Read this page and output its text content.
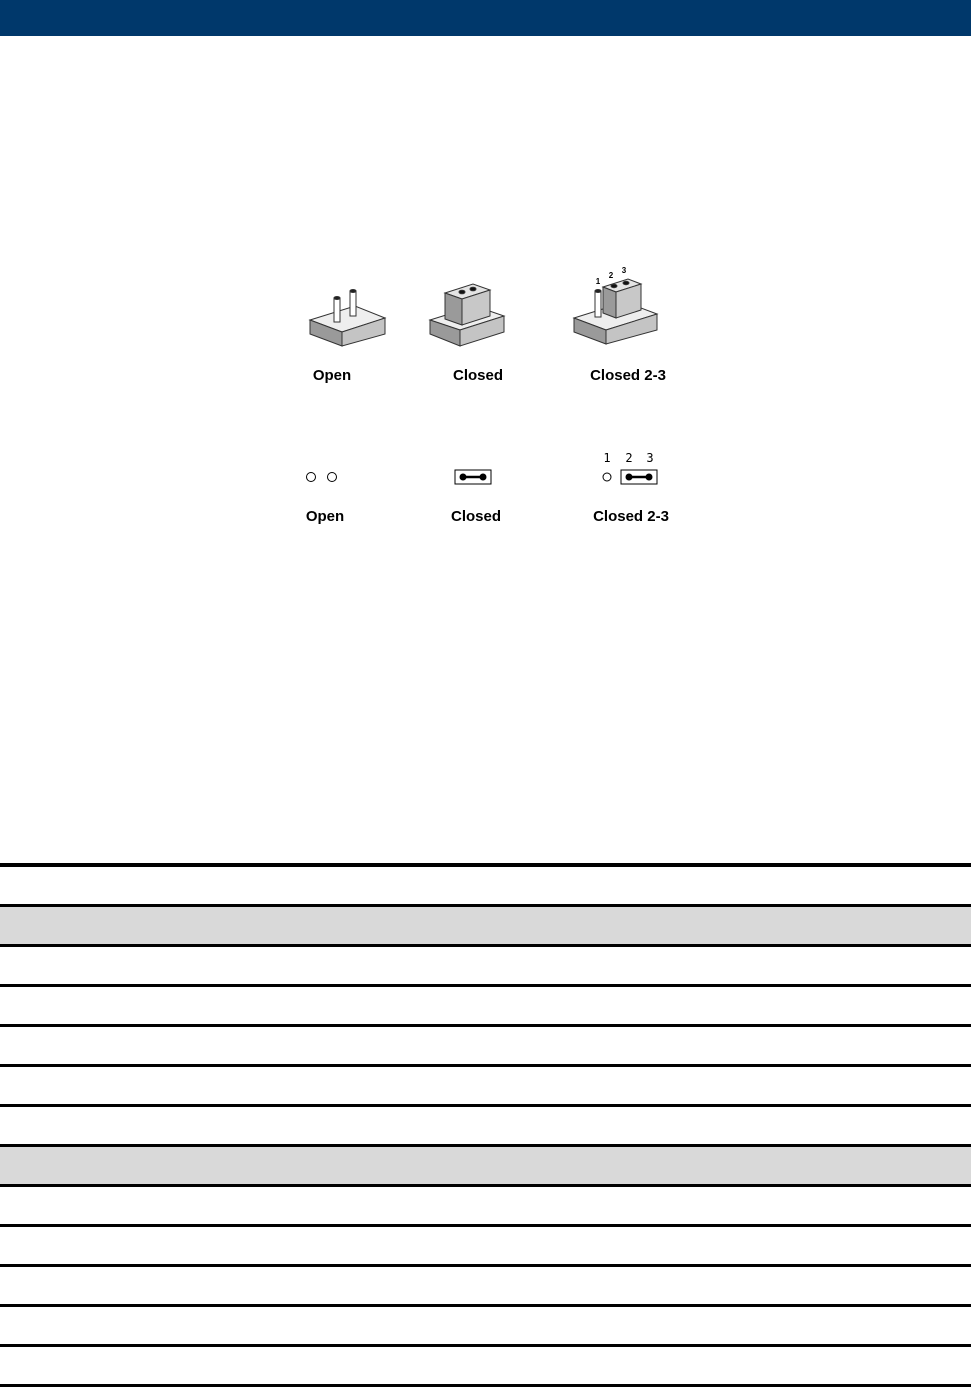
1
2
3
Open	Closed	Closed 2-3
1 2 3
Open	Closed	Closed 2-3
